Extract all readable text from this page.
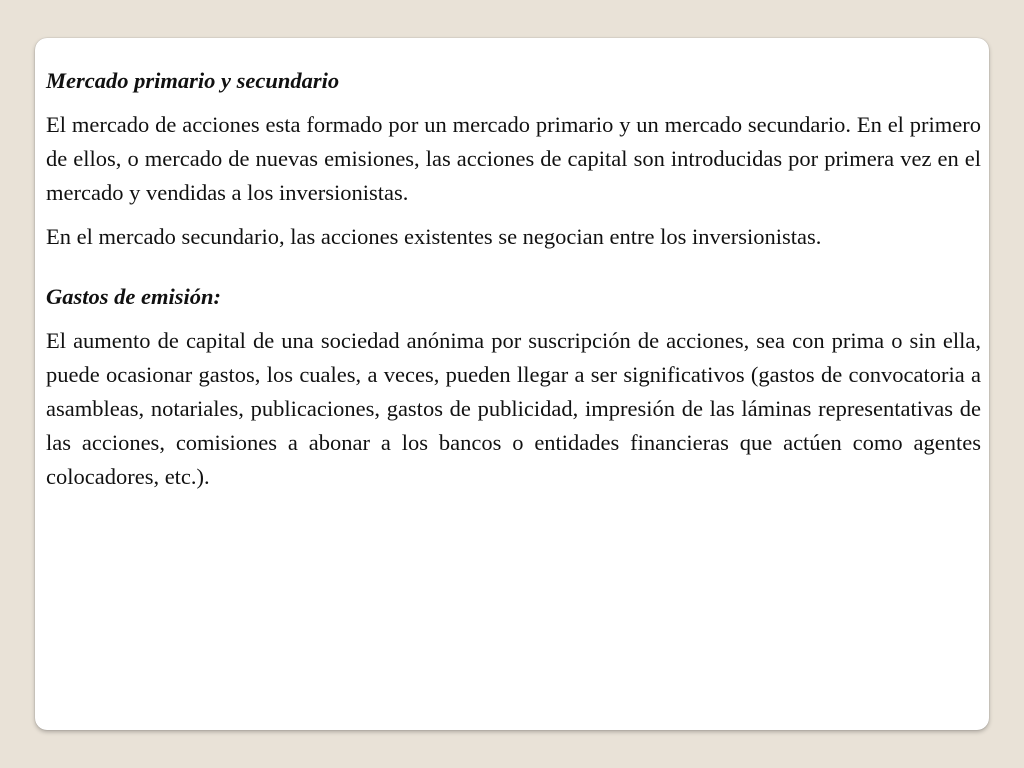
Mercado primario y secundario

El mercado de acciones esta formado por un mercado primario y un mercado secundario. En el primero de ellos, o mercado de nuevas emisiones, las acciones de capital son introducidas por primera vez en el mercado y vendidas a los inversionistas.

En el mercado secundario, las acciones existentes se negocian entre los inversionistas.

Gastos de emisión:

El aumento de capital de una sociedad anónima por suscripción de acciones, sea con prima o sin ella, puede ocasionar gastos, los cuales, a veces, pueden llegar a ser significativos (gastos de convocatoria a asambleas, notariales, publicaciones, gastos de publicidad, impresión de las láminas representativas de las acciones, comisiones a abonar a los bancos o entidades financieras que actúen como agentes colocadores, etc.).
